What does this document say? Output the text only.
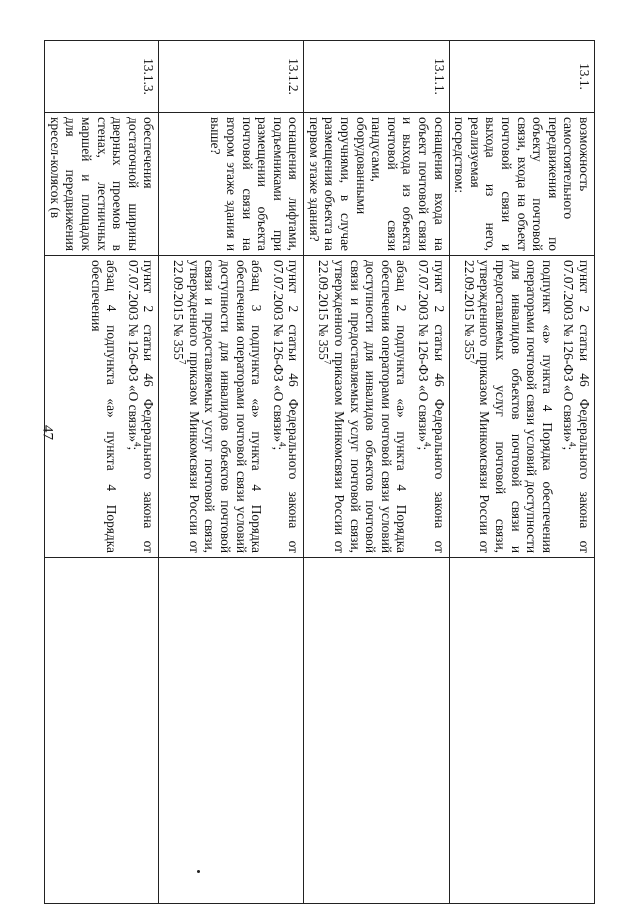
47
13.1.	возможность самостоятельного передвижения по объекту почтовой связи, входа на объект почтовой связи и выхода из него, реализуемая посредством:	пункт 2 статьи 46 Федерального закона от 07.07.2003 № 126-ФЗ «О связи»$^4$;

подпункт «а» пункта 4 Порядка обеспечения операторами почтовой связи условий доступности для инвалидов объектов почтовой связи и предоставляемых услуг почтовой связи, утвержденного приказом Минкомсвязи России от 22.09.2015 № $355^7$

13.1.1.	оснащения входа на объект почтовой связи и выхода из объекта почтовой связи пандусами, оборудованными поручнями, в случае размещения объекта на первом этаже здания?	пункт 2 статьи 46 Федерального закона от 07.07.2003 № 126-ФЗ «О связи»$^4$;

абзац 2 подпункта «а» пункта 4 Порядка обеспечения операторами почтовой связи условий доступности для инвалидов объектов почтовой связи и предоставляемых услуг почтовой связи, утвержденного приказом Минкомсвязи России от 22.09.2015 № $355^7$

13.1.2.	оснащения лифтами, подъемниками при размещении объекта почтовой связи на втором этаже здания и выше?	пункт 2 статьи 46 Федерального закона от 07.07.2003 № 126-ФЗ «О связи»$^4$;

абзац 3 подпункта «а» пункта 4 Порядка обеспечения операторами почтовой связи условий доступности для инвалидов объектов почтовой связи и предоставляемых услуг почтовой связи, утвержденного приказом Минкомсвязи России от 22.09.2015 № $355^7$

13.1.3.	обеспечения достаточной ширины дверных проемов в стенах, лестничных маршей и площадок для передвижения кресел-колясок (в	пункт 2 статьи 46 Федерального закона от 07.07.2003 № 126-ФЗ «О связи»$^4$;

абзац 4 подпункта «а» пункта 4 Порядка обеспечения	
